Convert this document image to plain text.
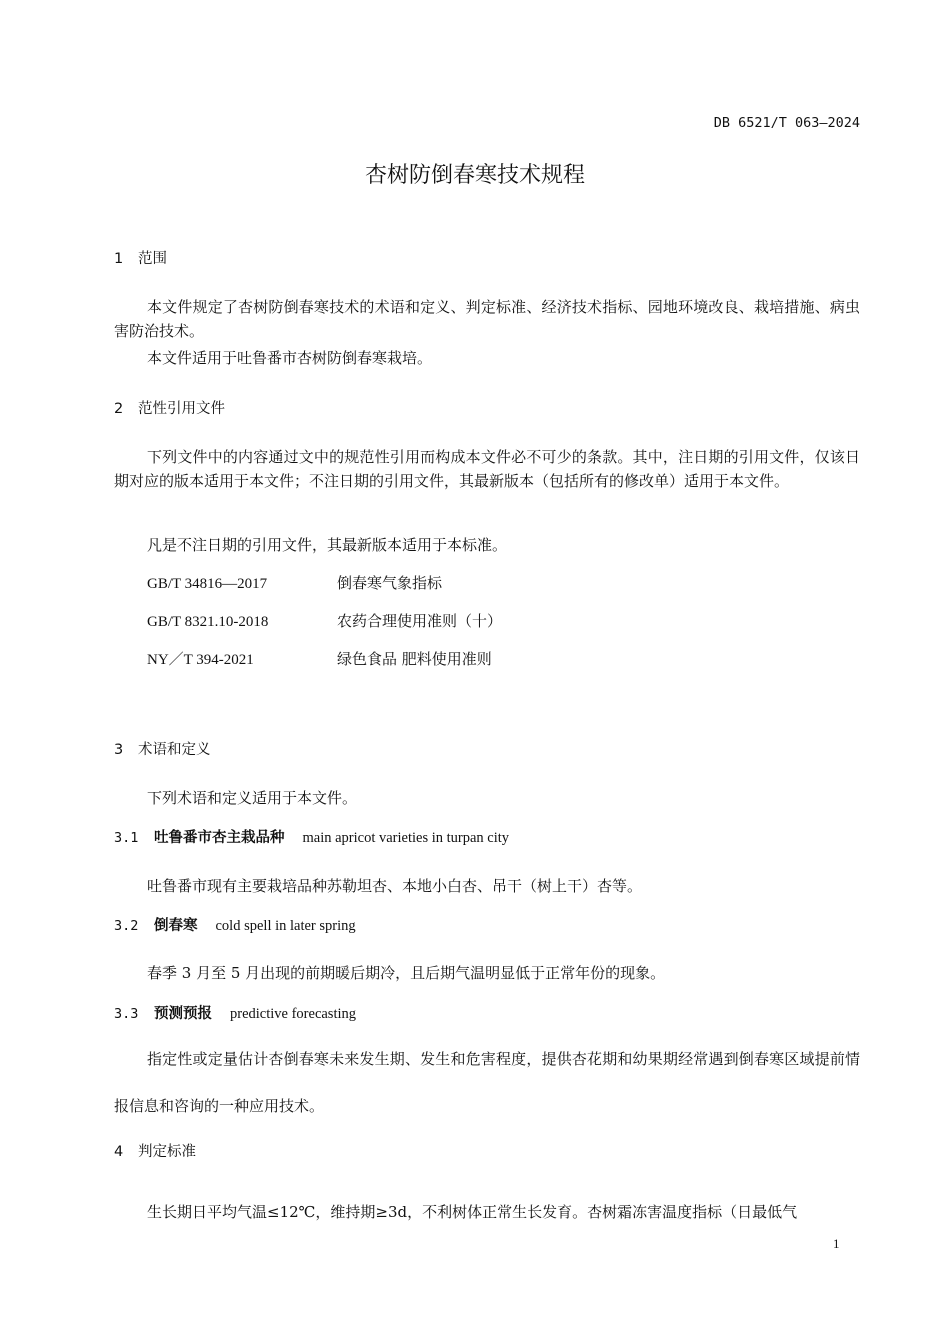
DB 6521/T 063—2024
杏树防倒春寒技术规程
1 范围
本文件规定了杏树防倒春寒技术的术语和定义、判定标准、经济技术指标、园地环境改良、栽培措施、病虫害防治技术。
本文件适用于吐鲁番市杏树防倒春寒栽培。
2 范性引用文件
下列文件中的内容通过文中的规范性引用而构成本文件必不可少的条款。其中，注日期的引用文件，仅该日期对应的版本适用于本文件；不注日期的引用文件，其最新版本（包括所有的修改单）适用于本文件。
凡是不注日期的引用文件，其最新版本适用于本标准。
GB/T 34816—2017	倒春寒气象指标
GB/T 8321.10-2018	农药合理使用准则（十）
NY／T 394-2021	绿色食品 肥料使用准则
3 术语和定义
下列术语和定义适用于本文件。
3.1 吐鲁番市杏主栽品种 main apricot varieties in turpan city
吐鲁番市现有主要栽培品种苏勒坦杏、本地小白杏、吊干（树上干）杏等。
3.2 倒春寒 cold spell in later spring
春季 3 月至 5 月出现的前期暖后期冷，且后期气温明显低于正常年份的现象。
3.3 预测预报 predictive forecasting
指定性或定量估计杏倒春寒未来发生期、发生和危害程度，提供杏花期和幼果期经常遇到倒春寒区域提前情报信息和咨询的一种应用技术。
4 判定标准
生长期日平均气温≤12℃，维持期≥3d，不利树体正常生长发育。杏树霜冻害温度指标（日最低气
1
